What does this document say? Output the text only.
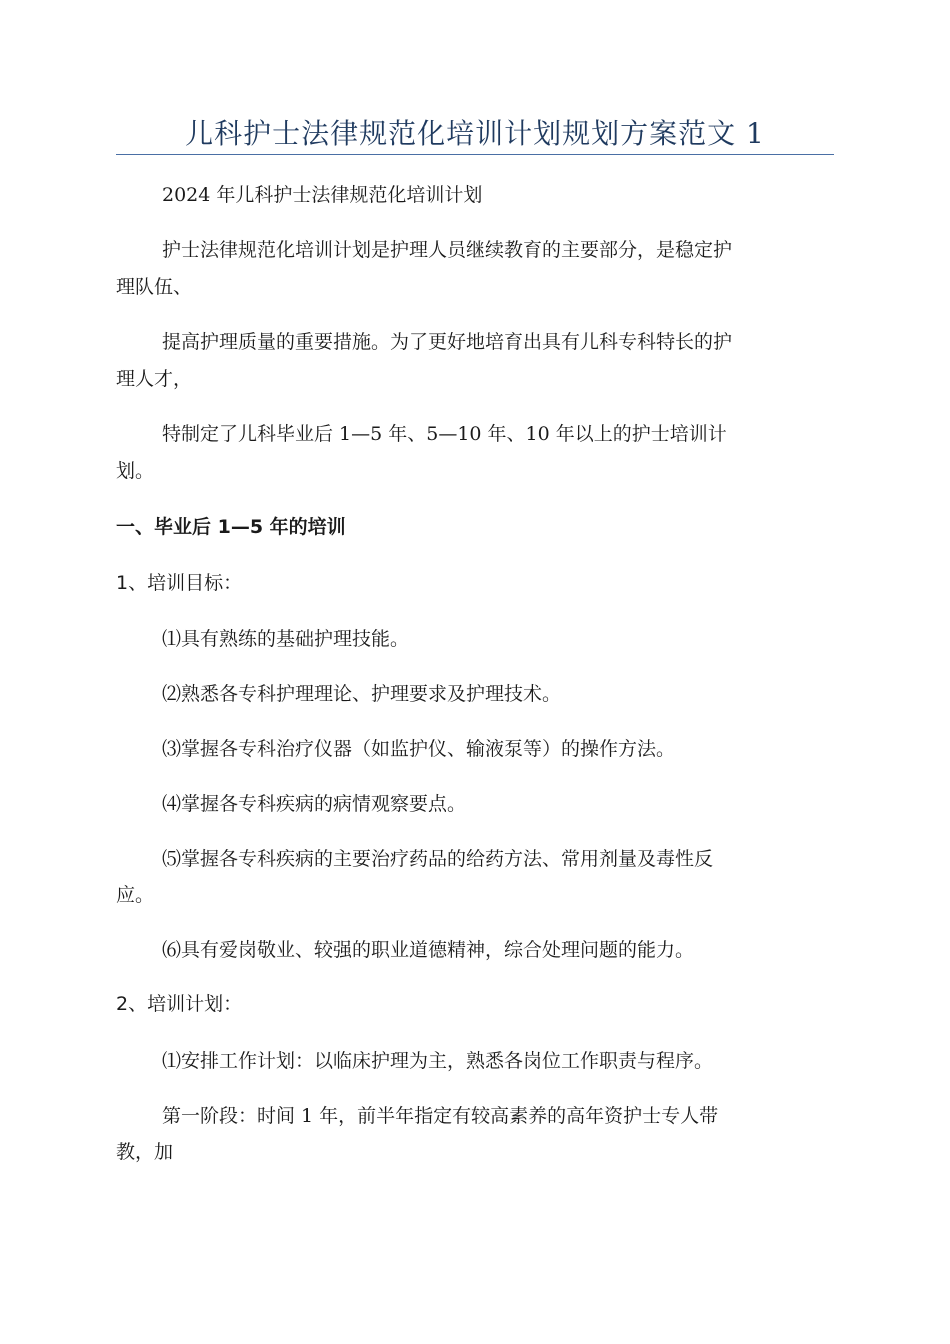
儿科护士法律规范化培训计划规划方案范文 1
2024 年儿科护士法律规范化培训计划
护士法律规范化培训计划是护理人员继续教育的主要部分，是稳定护
理队伍、
提高护理质量的重要措施。为了更好地培育出具有儿科专科特长的护
理人才，
特制定了儿科毕业后 1—5 年、5—10 年、10 年以上的护士培训计
划。
一、毕业后 1—5 年的培训
1、培训目标：
⑴具有熟练的基础护理技能。
⑵熟悉各专科护理理论、护理要求及护理技术。
⑶掌握各专科治疗仪器（如监护仪、输液泵等）的操作方法。
⑷掌握各专科疾病的病情观察要点。
⑸掌握各专科疾病的主要治疗药品的给药方法、常用剂量及毒性反
应。
⑹具有爱岗敬业、较强的职业道德精神，综合处理问题的能力。
2、培训计划：
⑴安排工作计划：以临床护理为主，熟悉各岗位工作职责与程序。
第一阶段：时间 1 年，前半年指定有较高素养的高年资护士专人带
教，加
